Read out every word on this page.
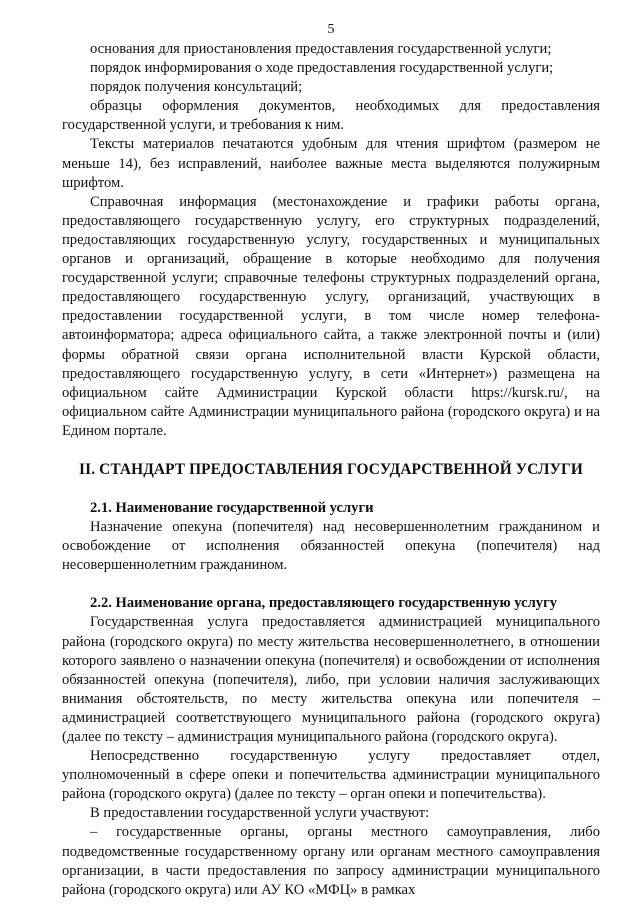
5

основания для приостановления предоставления государственной услуги;

порядок информирования о ходе предоставления государственной услуги;

порядок получения консультаций;

образцы оформления документов, необходимых для предоставления государственной услуги, и требования к ним.

Тексты материалов печатаются удобным для чтения шрифтом (размером не меньше 14), без исправлений, наиболее важные места выделяются полужирным шрифтом.

Справочная информация (местонахождение и графики работы органа, предоставляющего государственную услугу, его структурных подразделений, предоставляющих государственную услугу, государственных и муниципальных органов и организаций, обращение в которые необходимо для получения государственной услуги; справочные телефоны структурных подразделений органа, предоставляющего государственную услугу, организаций, участвующих в предоставлении государственной услуги, в том числе номер телефона-автоинформатора; адреса официального сайта, а также электронной почты и (или) формы обратной связи органа исполнительной власти Курской области, предоставляющего государственную услугу, в сети «Интернет») размещена на официальном сайте Администрации Курской области https://kursk.ru/, на официальном сайте Администрации муниципального района (городского округа) и на Едином портале.

II. СТАНДАРТ ПРЕДОСТАВЛЕНИЯ ГОСУДАРСТВЕННОЙ УСЛУГИ

2.1. Наименование государственной услуги

Назначение опекуна (попечителя) над несовершеннолетним гражданином и освобождение от исполнения обязанностей опекуна (попечителя) над несовершеннолетним гражданином.

2.2. Наименование органа, предоставляющего государственную услугу

Государственная услуга предоставляется администрацией муниципального района (городского округа) по месту жительства несовершеннолетнего, в отношении которого заявлено о назначении опекуна (попечителя) и освобождении от исполнения обязанностей опекуна (попечителя), либо, при условии наличия заслуживающих внимания обстоятельств, по месту жительства опекуна или попечителя – администрацией соответствующего муниципального района (городского округа) (далее по тексту – администрация муниципального района (городского округа).

Непосредственно государственную услугу предоставляет отдел, уполномоченный в сфере опеки и попечительства администрации муниципального района (городского округа) (далее по тексту – орган опеки и попечительства).

В предоставлении государственной услуги участвуют:

– государственные органы, органы местного самоуправления, либо подведомственные государственному органу или органам местного самоуправления организации, в части предоставления по запросу администрации муниципального района (городского округа) или АУ КО «МФЦ» в рамках
